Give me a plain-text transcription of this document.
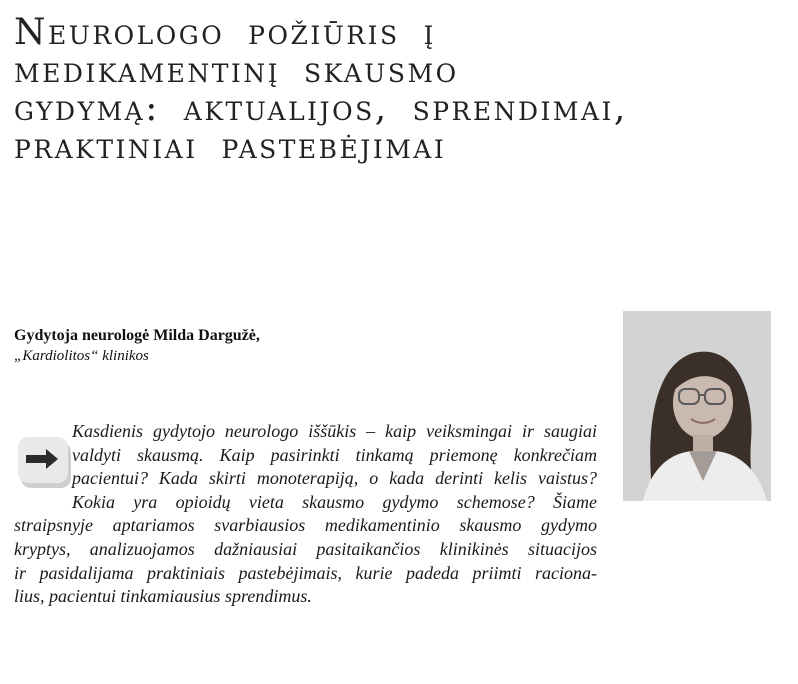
Neurologo požiūris į
medikamentinį skausmo
gydymą: aktualijos, sprendimai,
praktiniai pastebėjimai
Gydytoja neurologė Milda Dargužė,
„Kardiolitos“ klinikos
Kasdienis gydytojo neurologo iššūkis – kaip veiksmingai ir saugiai
valdyti skausmą. Kaip pasirinkti tinkamą priemonę konkrečiam
pacientui? Kada skirti monoterapiją, o kada derinti kelis vaistus?
Kokia yra opioidų vieta skausmo gydymo schemose? Šiame
straipsnyje aptariamos svarbiausios medikamentinio skausmo gydymo
kryptys, analizuojamos dažniausiai pasitaikančios klinikinės situacijos
ir pasidalijama praktiniais pastebėjimais, kurie padeda priimti raciona-
lius, pacientui tinkamiausius sprendimus.
